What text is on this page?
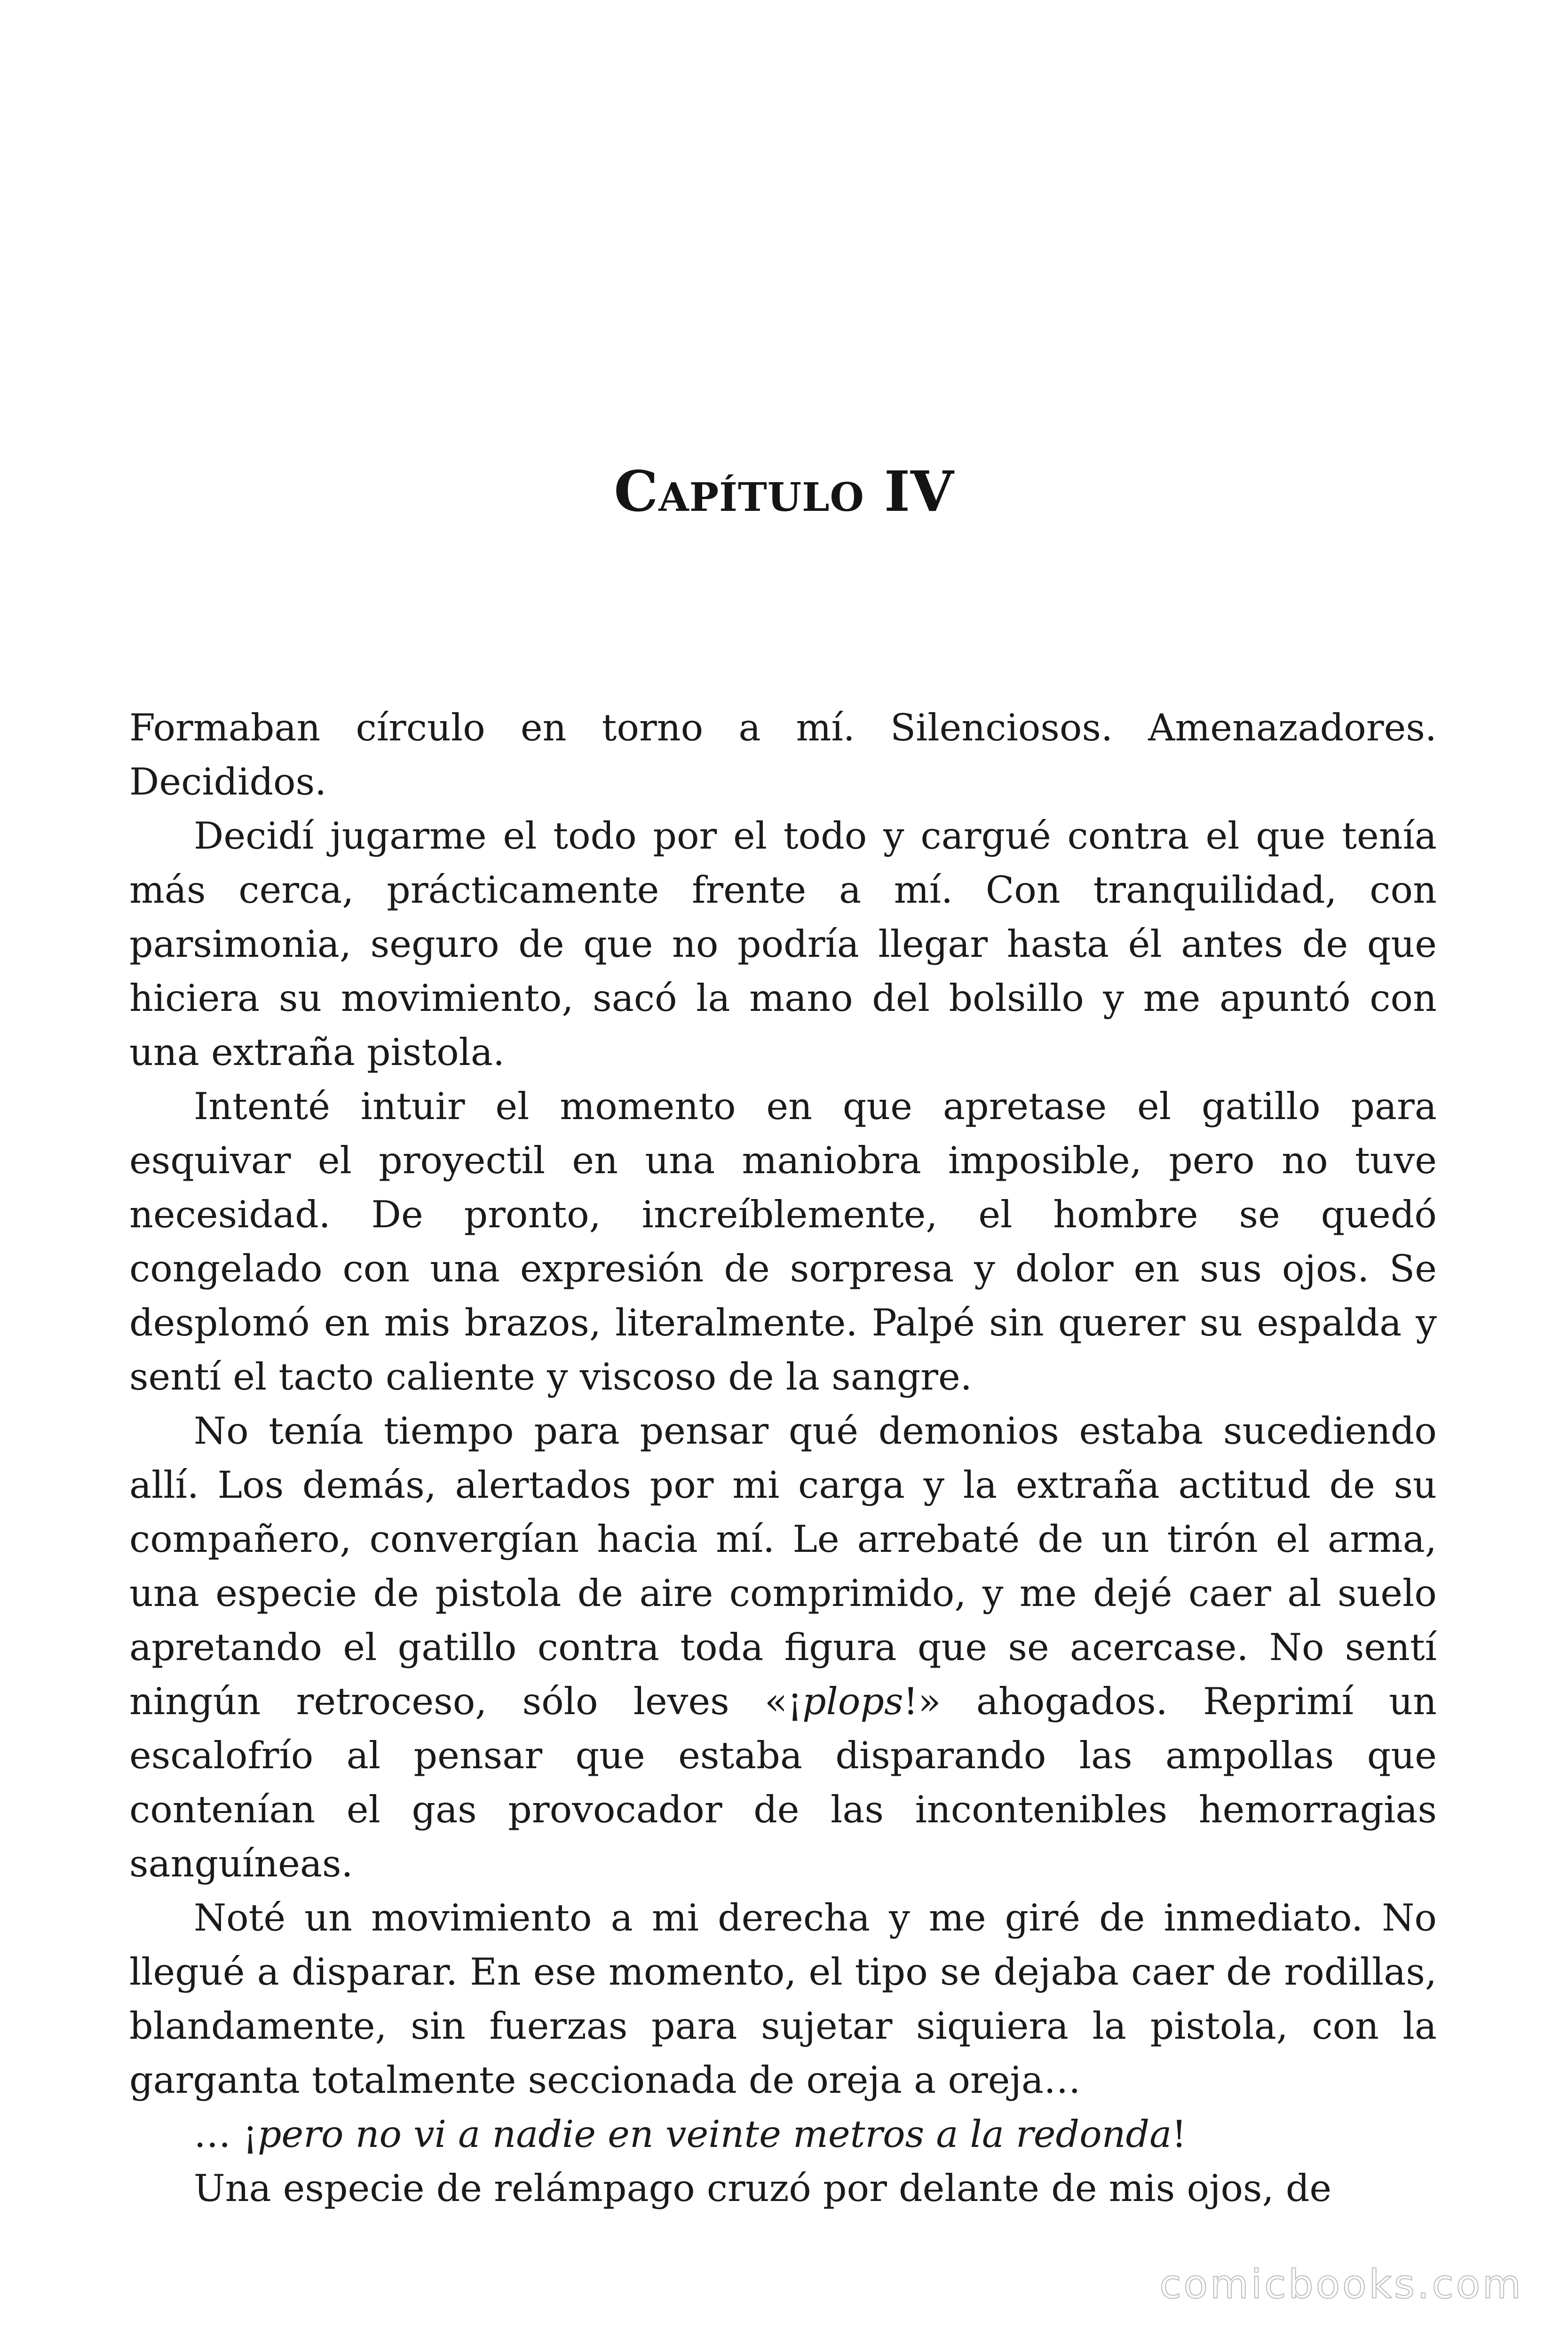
Capítulo IV

Formaban círculo en torno a mí. Silenciosos. Amenazadores. Decididos.

Decidí jugarme el todo por el todo y cargué contra el que tenía más cerca, prácticamente frente a mí. Con tranquilidad, con parsimonia, seguro de que no podría llegar hasta él antes de que hiciera su movimiento, sacó la mano del bolsillo y me apuntó con una extraña pistola.

Intenté intuir el momento en que apretase el gatillo para esquivar el proyectil en una maniobra imposible, pero no tuve necesidad. De pronto, increíblemente, el hombre se quedó congelado con una expresión de sorpresa y dolor en sus ojos. Se desplomó en mis brazos, literalmente. Palpé sin querer su espalda y sentí el tacto caliente y viscoso de la sangre.

No tenía tiempo para pensar qué demonios estaba sucediendo allí. Los demás, alertados por mi carga y la extraña actitud de su compañero, convergían hacia mí. Le arrebaté de un tirón el arma, una especie de pistola de aire comprimido, y me dejé caer al suelo apretando el gatillo contra toda figura que se acercase. No sentí ningún retroceso, sólo leves «¡plops!» ahogados. Reprimí un escalofrío al pensar que estaba disparando las ampollas que contenían el gas provocador de las incontenibles hemorragias sanguíneas.

Noté un movimiento a mi derecha y me giré de inmediato. No llegué a disparar. En ese momento, el tipo se dejaba caer de rodillas, blandamente, sin fuerzas para sujetar siquiera la pistola, con la garganta totalmente seccionada de oreja a oreja…

… ¡pero no vi a nadie en veinte metros a la redonda!

Una especie de relámpago cruzó por delante de mis ojos, de

comicbooks.com
